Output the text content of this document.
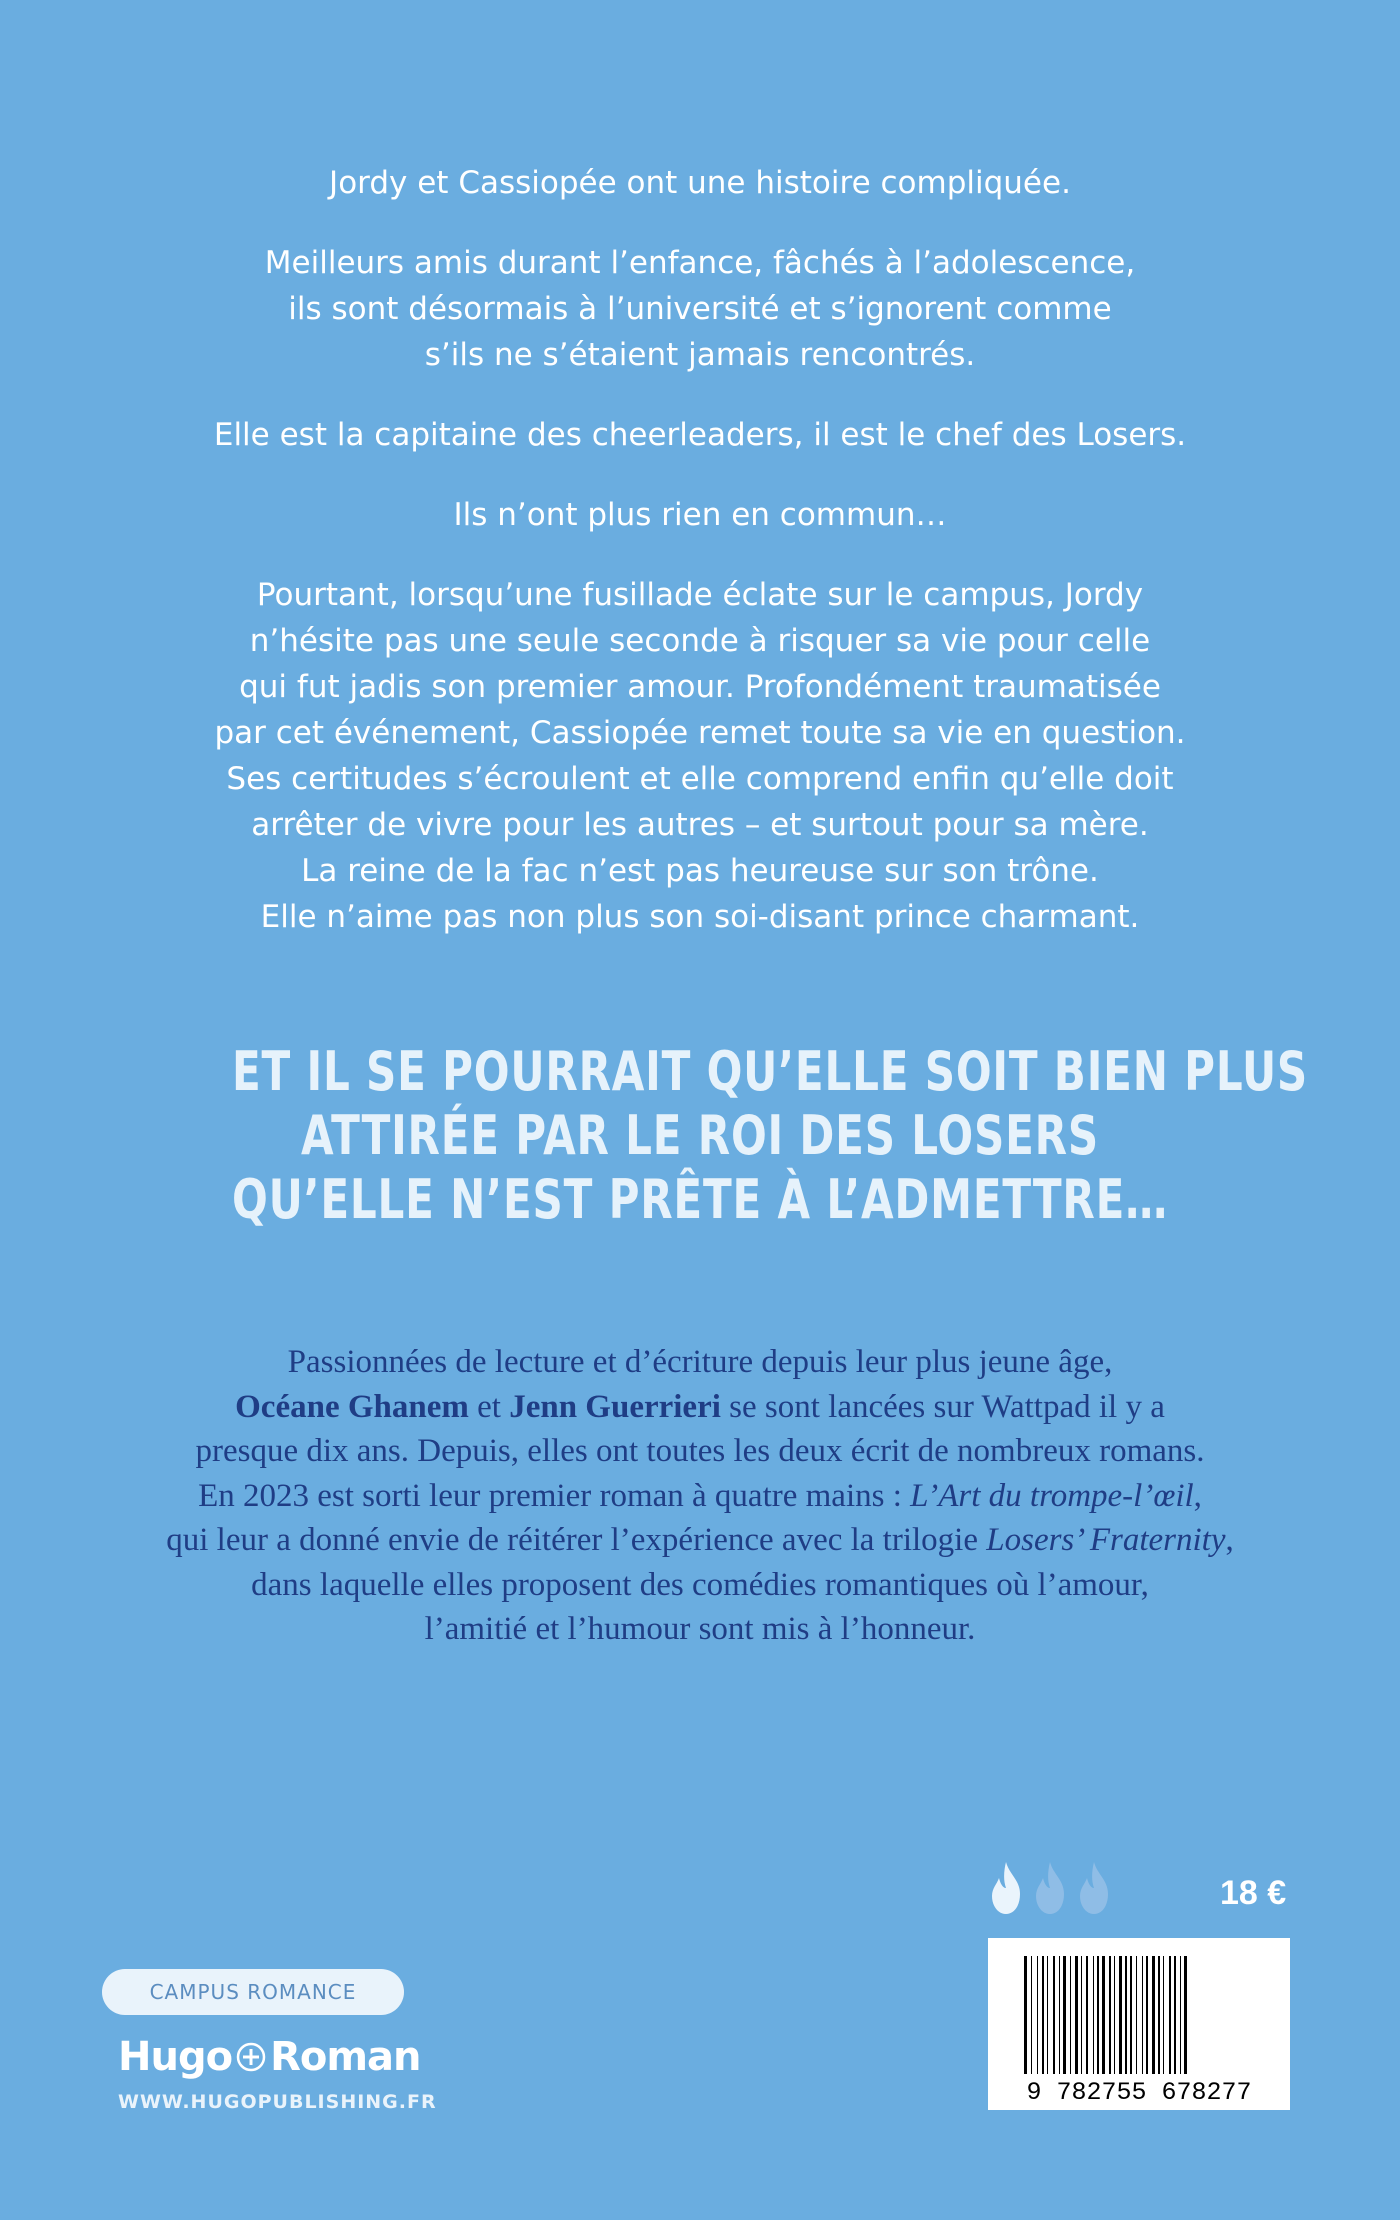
Jordy et Cassiopée ont une histoire compliquée.

Meilleurs amis durant l’enfance, fâchés à l’adolescence,
ils sont désormais à l’université et s’ignorent comme
s’ils ne s’étaient jamais rencontrés.

Elle est la capitaine des cheerleaders, il est le chef des Losers.

Ils n’ont plus rien en commun…

Pourtant, lorsqu’une fusillade éclate sur le campus, Jordy
n’hésite pas une seule seconde à risquer sa vie pour celle
qui fut jadis son premier amour. Profondément traumatisée
par cet événement, Cassiopée remet toute sa vie en question.
Ses certitudes s’écroulent et elle comprend enfin qu’elle doit
arrêter de vivre pour les autres – et surtout pour sa mère.
La reine de la fac n’est pas heureuse sur son trône.
Elle n’aime pas non plus son soi-disant prince charmant.

ET IL SE POURRAIT QU’ELLE SOIT BIEN PLUS
ATTIRÉE PAR LE ROI DES LOSERS
QU’ELLE N’EST PRÊTE À L’ADMETTRE…

Passionnées de lecture et d’écriture depuis leur plus jeune âge,

Océane Ghanem et Jenn Guerrieri se sont lancées sur Wattpad il y a

presque dix ans. Depuis, elles ont toutes les deux écrit de nombreux romans.

En 2023 est sorti leur premier roman à quatre mains : L’Art du trompe-l’œil,

qui leur a donné envie de réitérer l’expérience avec la trilogie Losers’ Fraternity,

dans laquelle elles proposent des comédies romantiques où l’amour,

l’amitié et l’humour sont mis à l’honneur.

18 €
9 782755 678277
CAMPUS ROMANCE
Hugo Roman
WWW.HUGOPUBLISHING.FR
